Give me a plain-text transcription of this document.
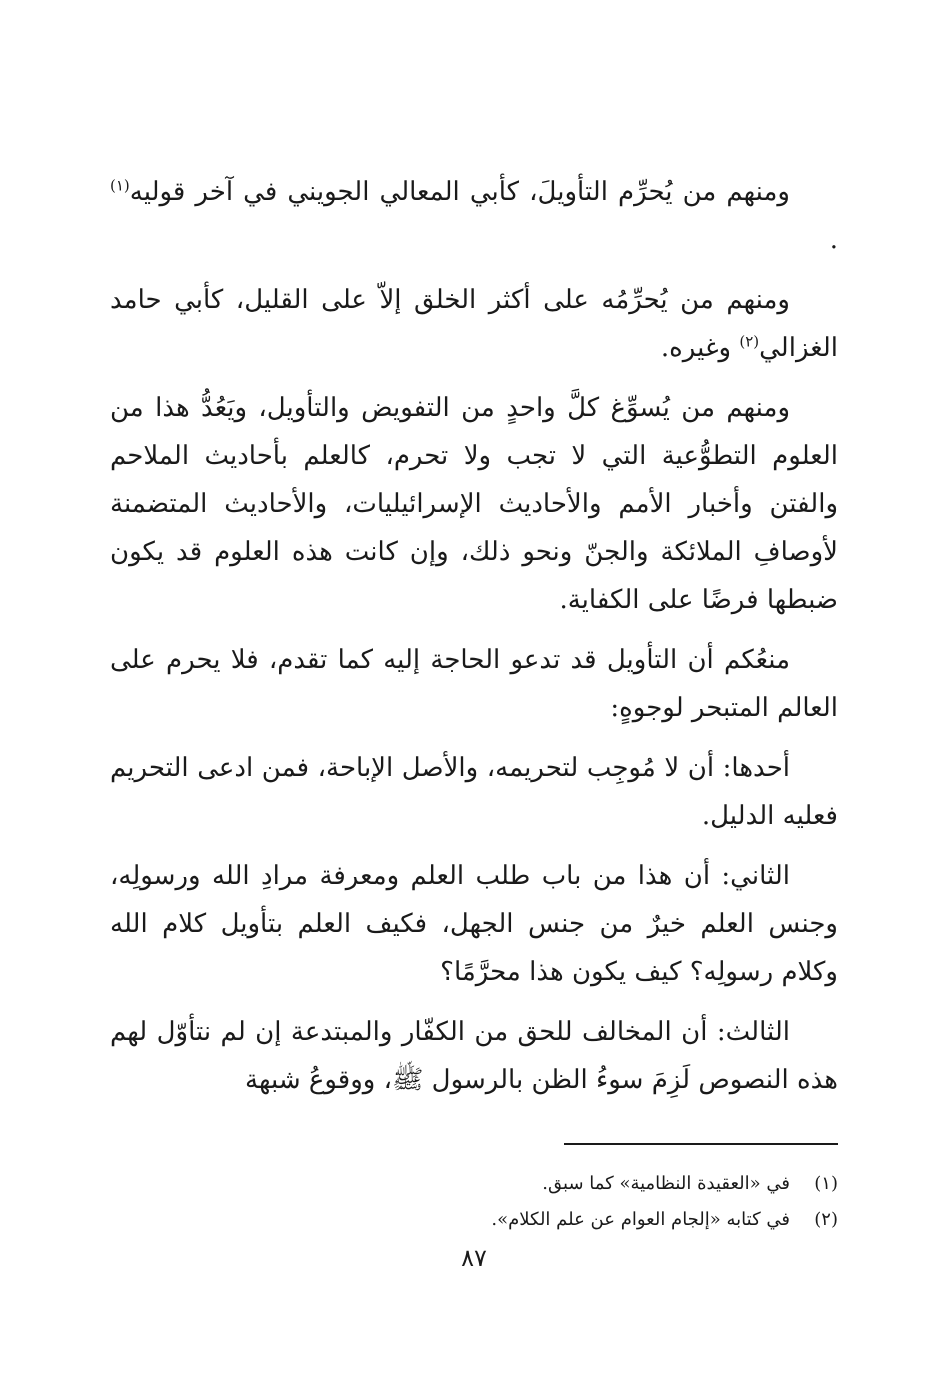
ومنهم من يُحرِّم التأويلَ، كأبي المعالي الجويني في آخر قوليه$^{(١)}$ .

ومنهم من يُحرِّمُه على أكثر الخلق إلاّ على القليل، كأبي حامد الغزالي$^{(٢)}$ وغيره.

ومنهم من يُسوِّغ كلَّ واحدٍ من التفويض والتأويل، ويَعُدُّ هذا من العلوم التطوُّعية التي لا تجب ولا تحرم، كالعلم بأحاديث الملاحم والفتن وأخبار الأمم والأحاديث الإسرائيليات، والأحاديث المتضمنة لأوصافِ الملائكة والجنّ ونحو ذلك، وإن كانت هذه العلوم قد يكون ضبطها فرضًا على الكفاية.

منعُكم أن التأويل قد تدعو الحاجة إليه كما تقدم، فلا يحرم على العالم المتبحر لوجوهٍ:

أحدها: أن لا مُوجِب لتحريمه، والأصل الإباحة، فمن ادعى التحريم فعليه الدليل.

الثاني: أن هذا من باب طلب العلم ومعرفة مرادِ الله ورسولِه، وجنس العلم خيرٌ من جنس الجهل، فكيف العلم بتأويل كلام الله وكلام رسولِه؟ كيف يكون هذا محرَّمًا؟

الثالث: أن المخالف للحق من الكفّار والمبتدعة إن لم نتأوّل لهم هذه النصوص لَزِمَ سوءُ الظن بالرسول ﷺ، ووقوعُ شبهة

(١)في «العقيدة النظامية» كما سبق.
(٢)في كتابه «إلجام العوام عن علم الكلام».
٨٧
